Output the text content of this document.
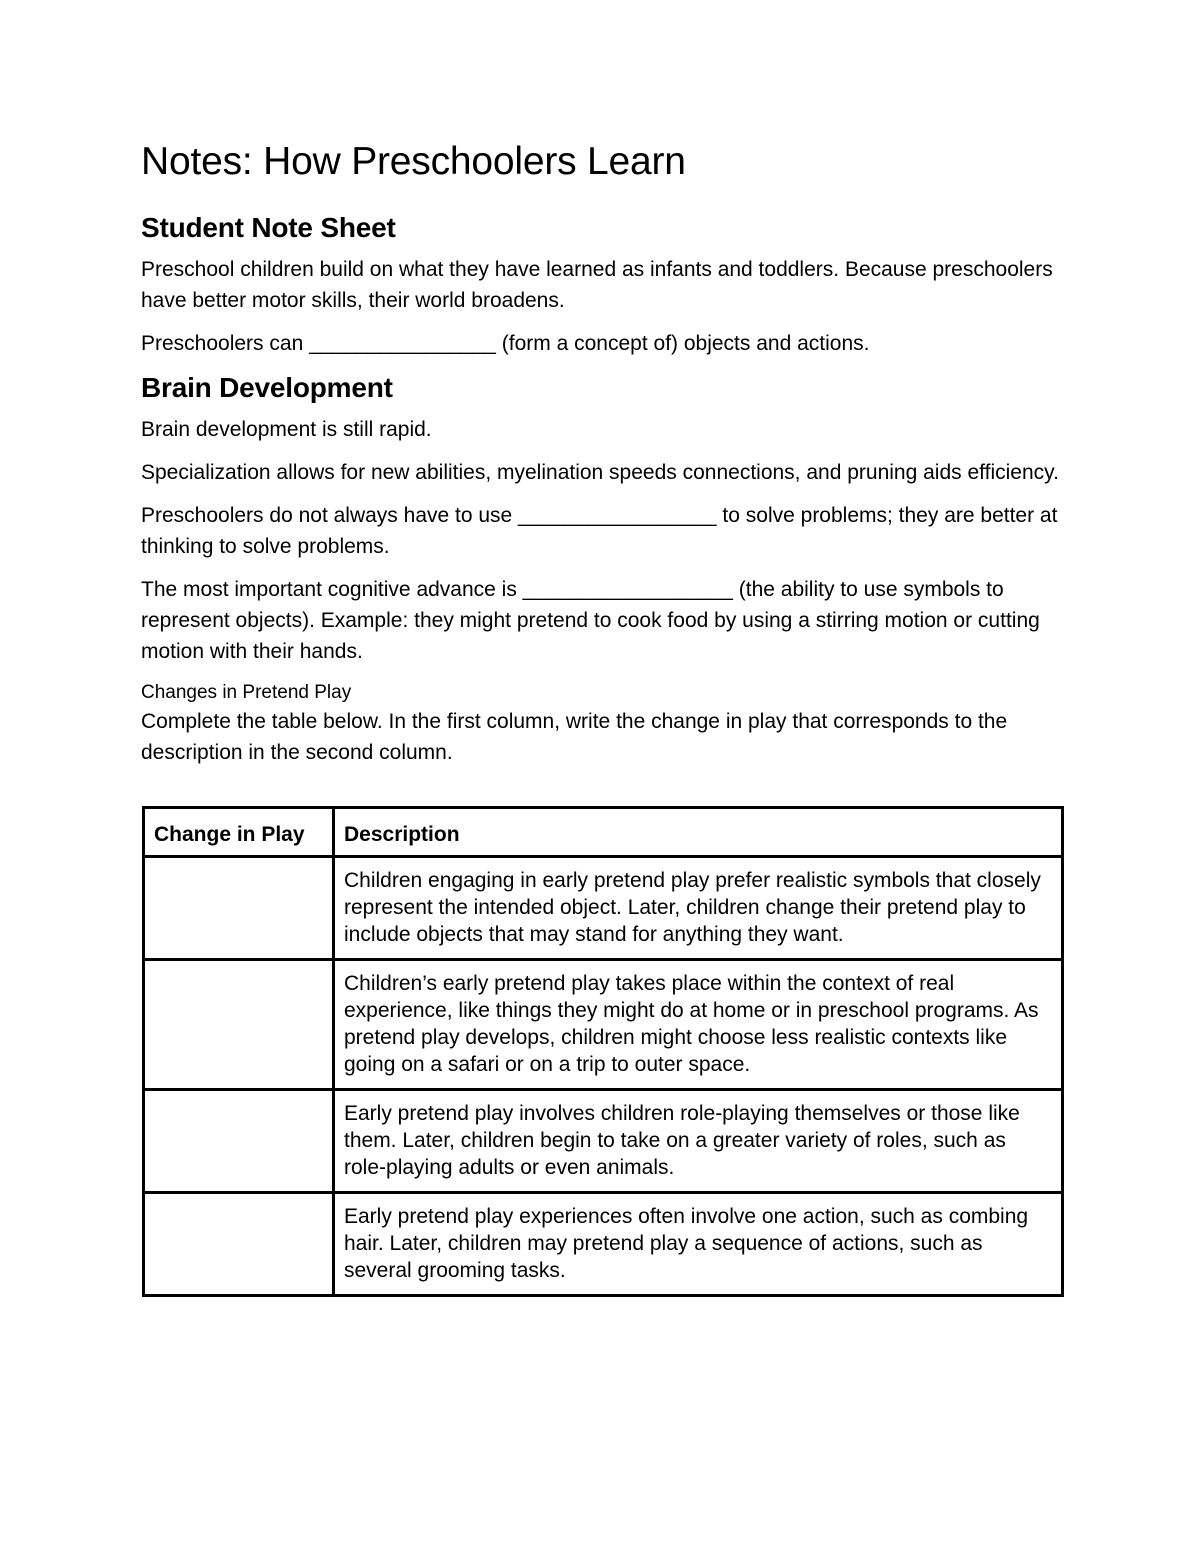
Notes: How Preschoolers Learn
Student Note Sheet

Preschool children build on what they have learned as infants and toddlers. Because preschoolers have better motor skills, their world broadens.

Preschoolers can ________________ (form a concept of) objects and actions.

Brain Development

Brain development is still rapid.

Specialization allows for new abilities, myelination speeds connections, and pruning aids efficiency.

Preschoolers do not always have to use _________________ to solve problems; they are better at thinking to solve problems.

The most important cognitive advance is __________________ (the ability to use symbols to represent objects). Example: they might pretend to cook food by using a stirring motion or cutting motion with their hands.

Changes in Pretend Play

Complete the table below. In the first column, write the change in play that corresponds to the description in the second column.

Change in Play	Description
	Children engaging in early pretend play prefer realistic symbols that closely represent the intended object. Later, children change their pretend play to include objects that may stand for anything they want.
	Children’s early pretend play takes place within the context of real experience, like things they might do at home or in preschool programs. As pretend play develops, children might choose less realistic contexts like going on a safari or on a trip to outer space.
	Early pretend play involves children role-playing themselves or those like them. Later, children begin to take on a greater variety of roles, such as role-playing adults or even animals.
	Early pretend play experiences often involve one action, such as combing hair. Later, children may pretend play a sequence of actions, such as several grooming tasks.
